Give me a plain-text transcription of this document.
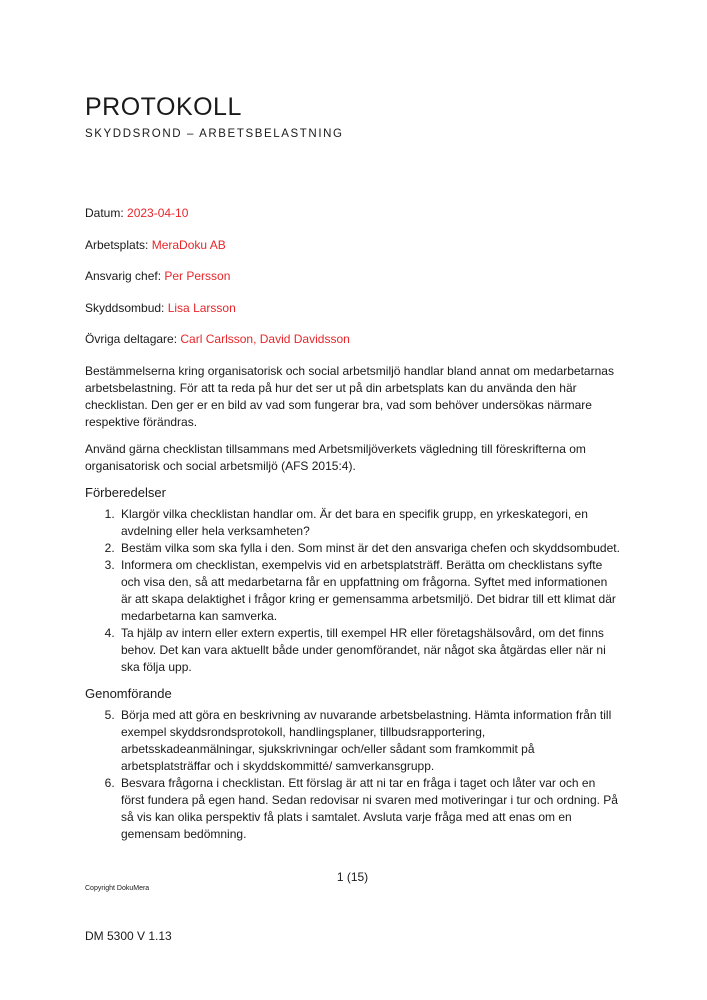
PROTOKOLL

SKYDDSROND – ARBETSBELASTNING

Datum: 2023-04-10

Arbetsplats: MeraDoku AB

Ansvarig chef: Per Persson

Skyddsombud: Lisa Larsson

Övriga deltagare: Carl Carlsson, David Davidsson

Bestämmelserna kring organisatorisk och social arbetsmiljö handlar bland annat om medarbetarnas arbetsbelastning. För att ta reda på hur det ser ut på din arbetsplats kan du använda den här checklistan. Den ger er en bild av vad som fungerar bra, vad som behöver undersökas närmare respektive förändras.

Använd gärna checklistan tillsammans med Arbetsmiljöverkets vägledning till föreskrifterna om organisatorisk och social arbetsmiljö (AFS 2015:4).

Förberedelser
1. Klargör vilka checklistan handlar om. Är det bara en specifik grupp, en yrkeskategori, en avdelning eller hela verksamheten?
2. Bestäm vilka som ska fylla i den. Som minst är det den ansvariga chefen och skyddsombudet.
3. Informera om checklistan, exempelvis vid en arbetsplatsträff. Berätta om checklistans syfte och visa den, så att medarbetarna får en uppfattning om frågorna. Syftet med informationen är att skapa delaktighet i frågor kring er gemensamma arbetsmiljö. Det bidrar till ett klimat där medarbetarna kan samverka.
4. Ta hjälp av intern eller extern expertis, till exempel HR eller företagshälsovård, om det finns behov. Det kan vara aktuellt både under genomförandet, när något ska åtgärdas eller när ni ska följa upp.
Genomförande
5. Börja med att göra en beskrivning av nuvarande arbetsbelastning. Hämta information från till exempel skyddsrondsprotokoll, handlingsplaner, tillbudsrapportering, arbetsskadeanmälningar, sjukskrivningar och/eller sådant som framkommit på arbetsplatsträffar och i skyddskommitté/ samverkansgrupp.
6. Besvara frågorna i checklistan. Ett förslag är att ni tar en fråga i taget och låter var och en först fundera på egen hand. Sedan redovisar ni svaren med motiveringar i tur och ordning. På så vis kan olika perspektiv få plats i samtalet. Avsluta varje fråga med att enas om en gemensam bedömning.
1 (15)
Copyright DokuMera
DM 5300 V 1.13
